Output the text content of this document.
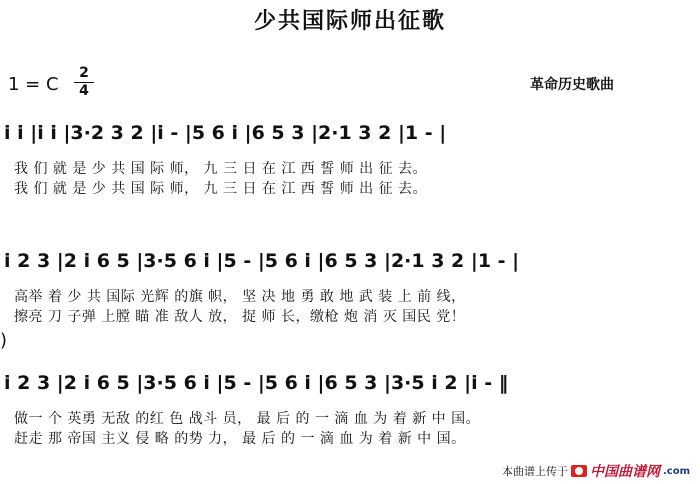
少共国际师出征歌
1 = C
2
4	革命历史歌曲
i i |i i |3·2 3 2 |i - |5 6 i |6 5 3 |2·1 3 2 |1 - |
我 们 就 是 少 共 国 际 师， 九 三 日 在 江 西 誓 师 出 征 去。
我 们 就 是 少 共 国 际 师， 九 三 日 在 江 西 誓 师 出 征 去。
i 2 3 |2 i 6 5 |3·5 6 i |5 - |5 6 i |6 5 3 |2·1 3 2 |1 - |
高举 着 少 共 国际 光辉 的旗 帜， 坚 决 地 勇 敢 地 武 装 上 前 线，
擦亮 刀 子弹 上膛 瞄 准 敌人 放， 捉 师 长，缴枪 炮 消 灭 国民 党！
)
i 2 3 |2 i 6 5 |3·5 6 i |5 - |5 6 i |6 5 3 |3·5 i 2 |i - ‖
做一 个 英勇 无敌 的红 色 战斗 员， 最 后 的 一 滴 血 为 着 新 中 国。
赶走 那 帝国 主义 侵 略 的势 力， 最 后 的 一 滴 血 为 着 新 中 国。
本曲谱上传于 中国曲谱网 .com
